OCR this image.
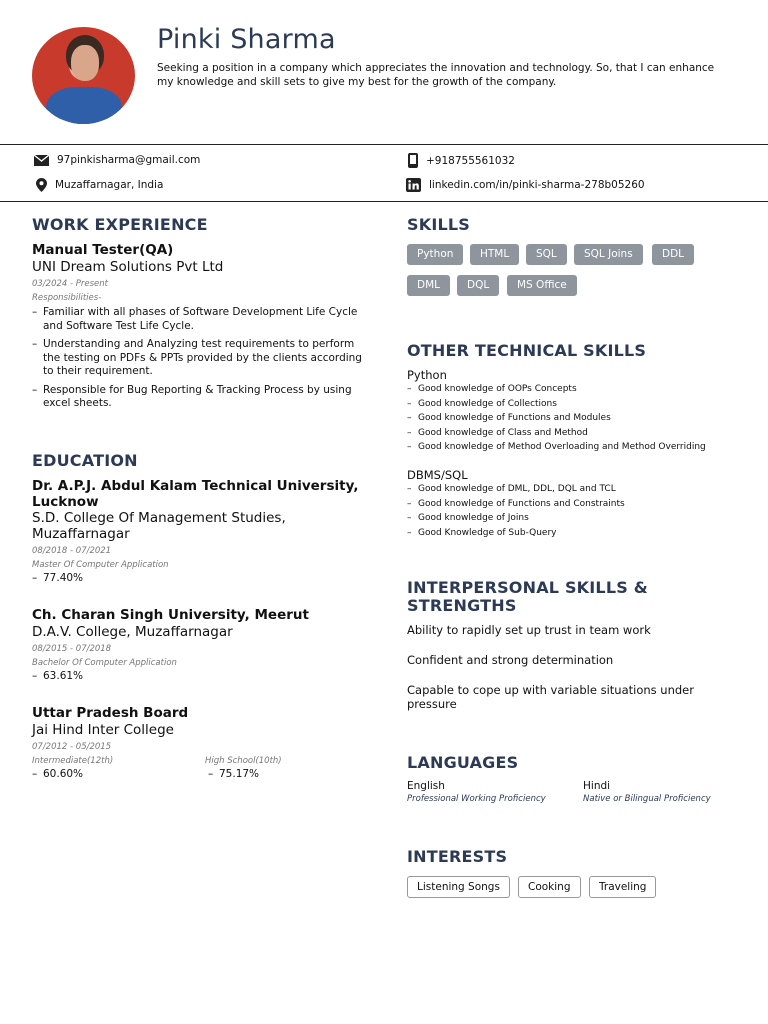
Pinki Sharma
Seeking a position in a company which appreciates the innovation and technology. So, that I can enhance my knowledge and skill sets to give my best for the growth of the company.
97pinkisharma@gmail.com	+918755561032
Muzaffarnagar, India	linkedin.com/in/pinki-sharma-278b05260
WORK EXPERIENCE
Manual Tester(QA)
UNI Dream Solutions Pvt Ltd
03/2024 - Present
Responsibilities-
– Familiar with all phases of Software Development Life Cycle and Software Test Life Cycle.
– Understanding and Analyzing test requirements to perform the testing on PDFs & PPTs provided by the clients according to their requirement.
– Responsible for Bug Reporting & Tracking Process by using excel sheets.
EDUCATION
Dr. A.P.J. Abdul Kalam Technical University, Lucknow
S.D. College Of Management Studies, Muzaffarnagar
08/2018 - 07/2021
Master Of Computer Application
– 77.40%
Ch. Charan Singh University, Meerut
D.A.V. College, Muzaffarnagar
08/2015 - 07/2018
Bachelor Of Computer Application
– 63.61%
Uttar Pradesh Board
Jai Hind Inter College
07/2012 - 05/2015
Intermediate(12th)
– 60.60%
High School(10th)
– 75.17%
SKILLS
Python	HTML	SQL	SQL Joins	DDL
DML	DQL	MS Office
OTHER TECHNICAL SKILLS
Python
– Good knowledge of OOPs Concepts
– Good knowledge of Collections
– Good knowledge of Functions and Modules
– Good knowledge of Class and Method
– Good knowledge of Method Overloading and Method Overriding
DBMS/SQL
– Good knowledge of DML, DDL, DQL and TCL
– Good knowledge of Functions and Constraints
– Good knowledge of Joins
– Good Knowledge of Sub-Query
INTERPERSONAL SKILLS &
STRENGTHS
Ability to rapidly set up trust in team work
Confident and strong determination
Capable to cope up with variable situations under pressure
LANGUAGES
English
Professional Working Proficiency
Hindi
Native or Bilingual Proficiency
INTERESTS
Listening Songs	Cooking	Traveling
